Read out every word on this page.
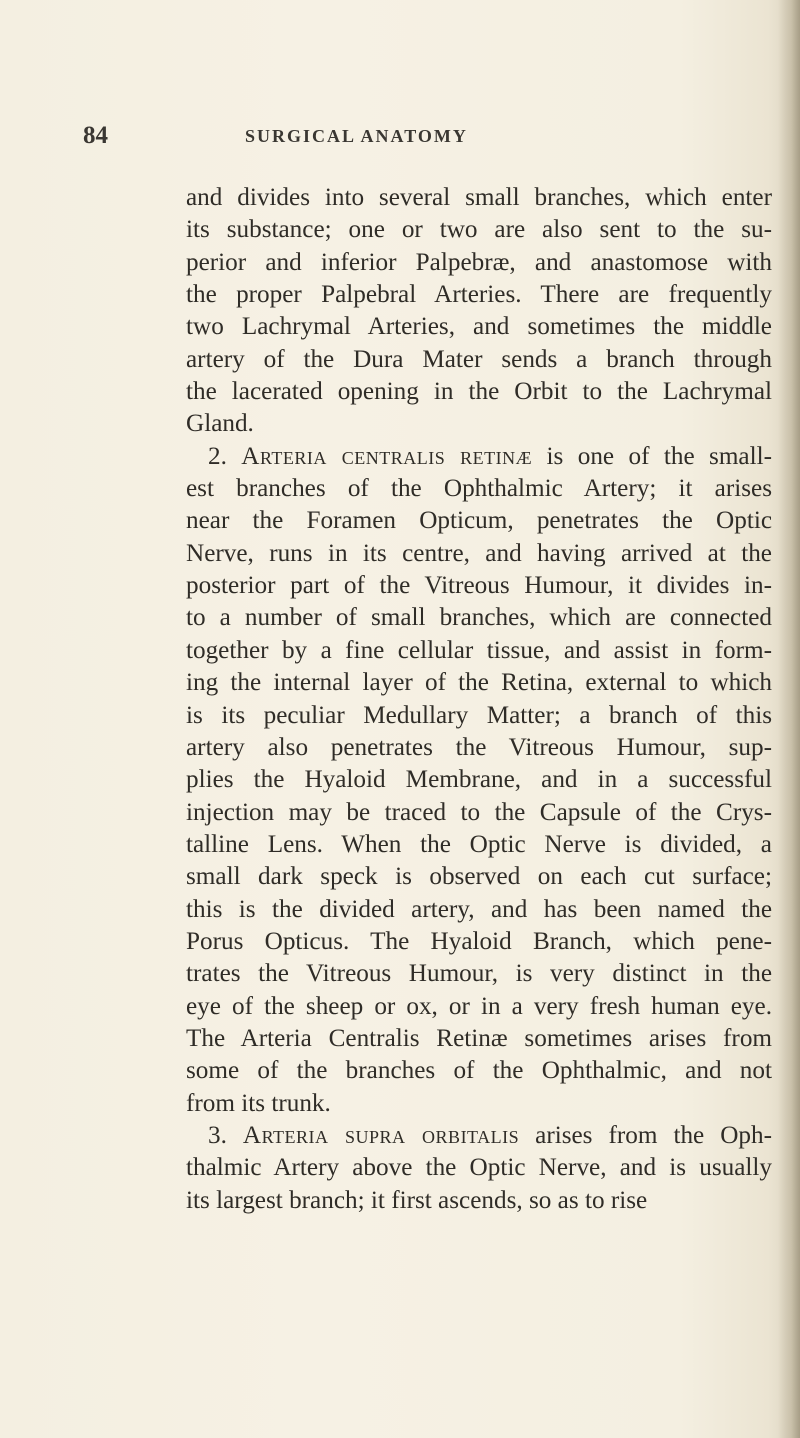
84	SURGICAL ANATOMY
and divides into several small branches, which enter
its substance; one or two are also sent to the su-
perior and inferior Palpebræ, and anastomose with
the proper Palpebral Arteries. There are frequently
two Lachrymal Arteries, and sometimes the middle
artery of the Dura Mater sends a branch through
the lacerated opening in the Orbit to the Lachrymal
Gland.
2. Arteria centralis retinæ is one of the small-
est branches of the Ophthalmic Artery; it arises
near the Foramen Opticum, penetrates the Optic
Nerve, runs in its centre, and having arrived at the
posterior part of the Vitreous Humour, it divides in-
to a number of small branches, which are connected
together by a fine cellular tissue, and assist in form-
ing the internal layer of the Retina, external to which
is its peculiar Medullary Matter; a branch of this
artery also penetrates the Vitreous Humour, sup-
plies the Hyaloid Membrane, and in a successful
injection may be traced to the Capsule of the Crys-
talline Lens. When the Optic Nerve is divided, a
small dark speck is observed on each cut surface;
this is the divided artery, and has been named the
Porus Opticus. The Hyaloid Branch, which pene-
trates the Vitreous Humour, is very distinct in the
eye of the sheep or ox, or in a very fresh human eye.
The Arteria Centralis Retinæ sometimes arises from
some of the branches of the Ophthalmic, and not
from its trunk.
3. Arteria supra orbitalis arises from the Oph-
thalmic Artery above the Optic Nerve, and is usually
its largest branch; it first ascends, so as to rise
